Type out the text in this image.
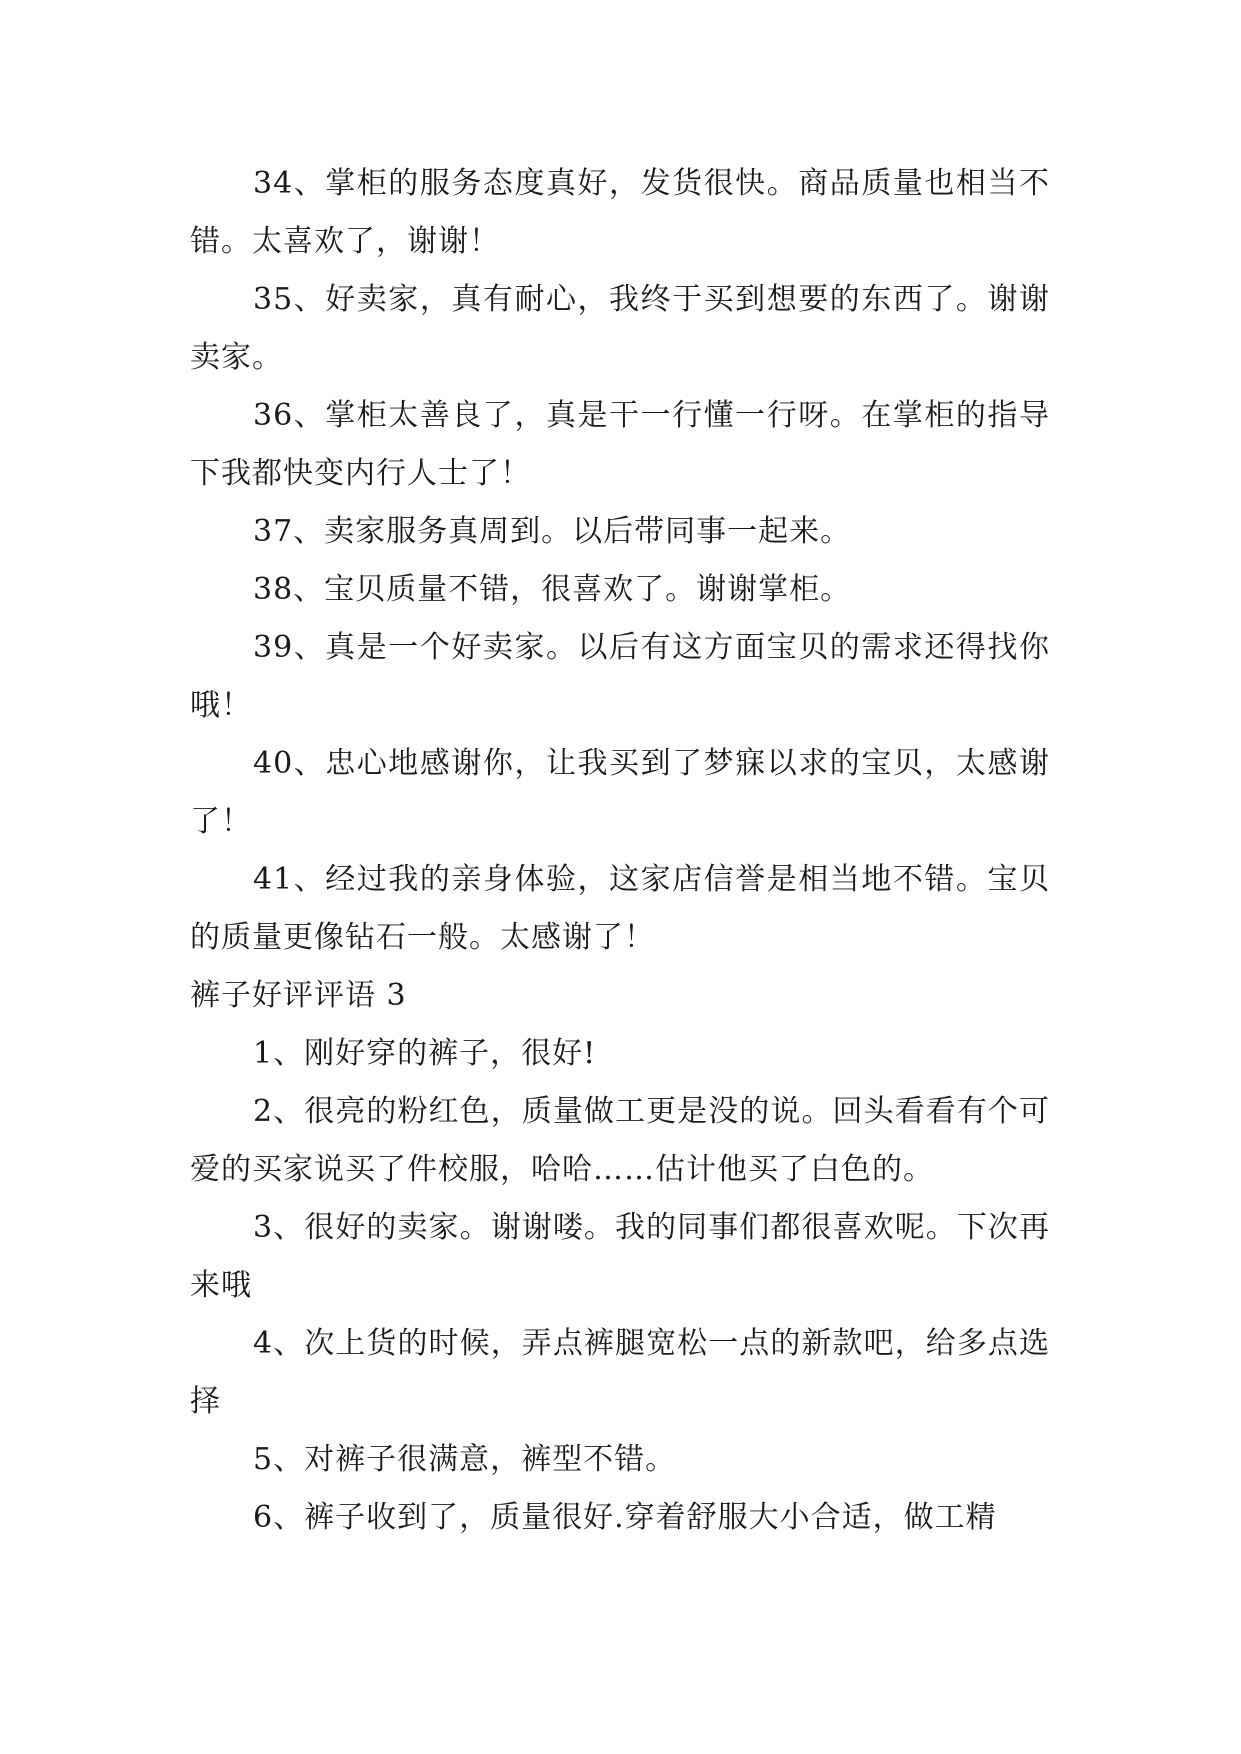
34、掌柜的服务态度真好，发货很快。商品质量也相当不错。太喜欢了，谢谢！

35、好卖家，真有耐心，我终于买到想要的东西了。谢谢卖家。

36、掌柜太善良了，真是干一行懂一行呀。在掌柜的指导下我都快变内行人士了！

37、卖家服务真周到。以后带同事一起来。

38、宝贝质量不错，很喜欢了。谢谢掌柜。

39、真是一个好卖家。以后有这方面宝贝的需求还得找你哦！

40、忠心地感谢你，让我买到了梦寐以求的宝贝，太感谢了！

41、经过我的亲身体验，这家店信誉是相当地不错。宝贝的质量更像钻石一般。太感谢了！

裤子好评评语 3

1、刚好穿的裤子，很好!

2、很亮的粉红色，质量做工更是没的说。回头看看有个可爱的买家说买了件校服，哈哈……估计他买了白色的。

3、很好的卖家。谢谢喽。我的同事们都很喜欢呢。下次再来哦

4、次上货的时候，弄点裤腿宽松一点的新款吧，给多点选择

5、对裤子很满意，裤型不错。

6、裤子收到了，质量很好.穿着舒服大小合适，做工精
